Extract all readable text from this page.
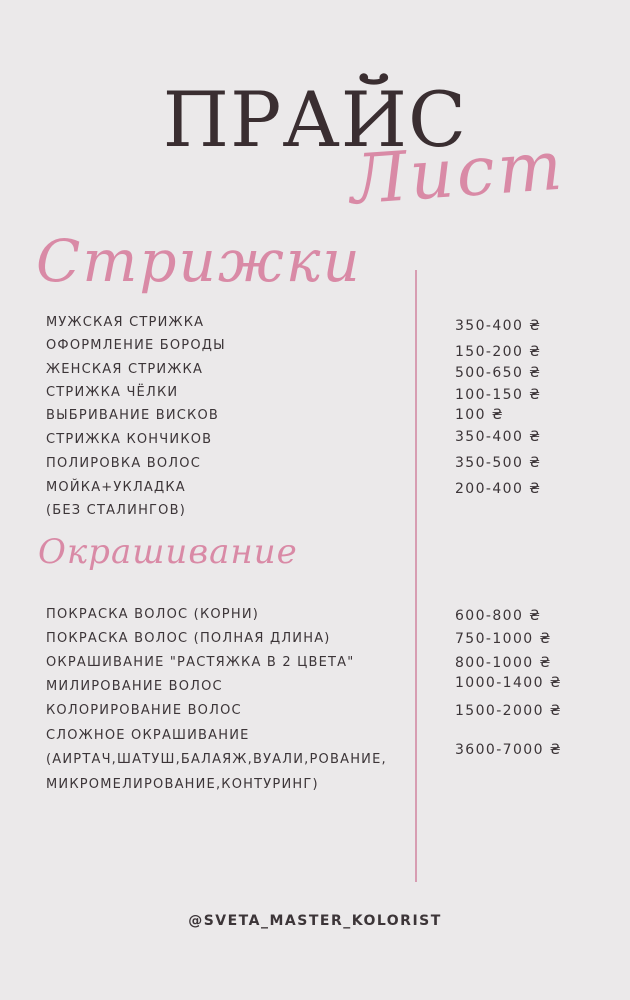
ПРАЙС
Лист
Стрижки
МУЖСКАЯ СТРИЖКА
ОФОРМЛЕНИЕ БОРОДЫ
ЖЕНСКАЯ СТРИЖКА
СТРИЖКА ЧЁЛКИ
ВЫБРИВАНИЕ ВИСКОВ
СТРИЖКА КОНЧИКОВ
ПОЛИРОВКА ВОЛОС
МОЙКА+УКЛАДКА
(БЕЗ СТАЛИНГОВ)
350-400 ₴
150-200 ₴
500-650 ₴
100-150 ₴
100 ₴
350-400 ₴
350-500 ₴
200-400 ₴
Окрашивание
ПОКРАСКА ВОЛОС (КОРНИ)
ПОКРАСКА ВОЛОС (ПОЛНАЯ ДЛИНА)
ОКРАШИВАНИЕ "РАСТЯЖКА В 2 ЦВЕТА"
МИЛИРОВАНИЕ ВОЛОС
КОЛОРИРОВАНИЕ ВОЛОС
СЛОЖНОЕ ОКРАШИВАНИЕ
(АИРТАЧ,ШАТУШ,БАЛАЯЖ,ВУАЛИ,РОВАНИЕ,
МИКРОМЕЛИРОВАНИЕ,КОНТУРИНГ)
600-800 ₴
750-1000 ₴
800-1000 ₴
1000-1400 ₴
1500-2000 ₴
3600-7000 ₴
@SVETA_MASTER_KOLORIST
